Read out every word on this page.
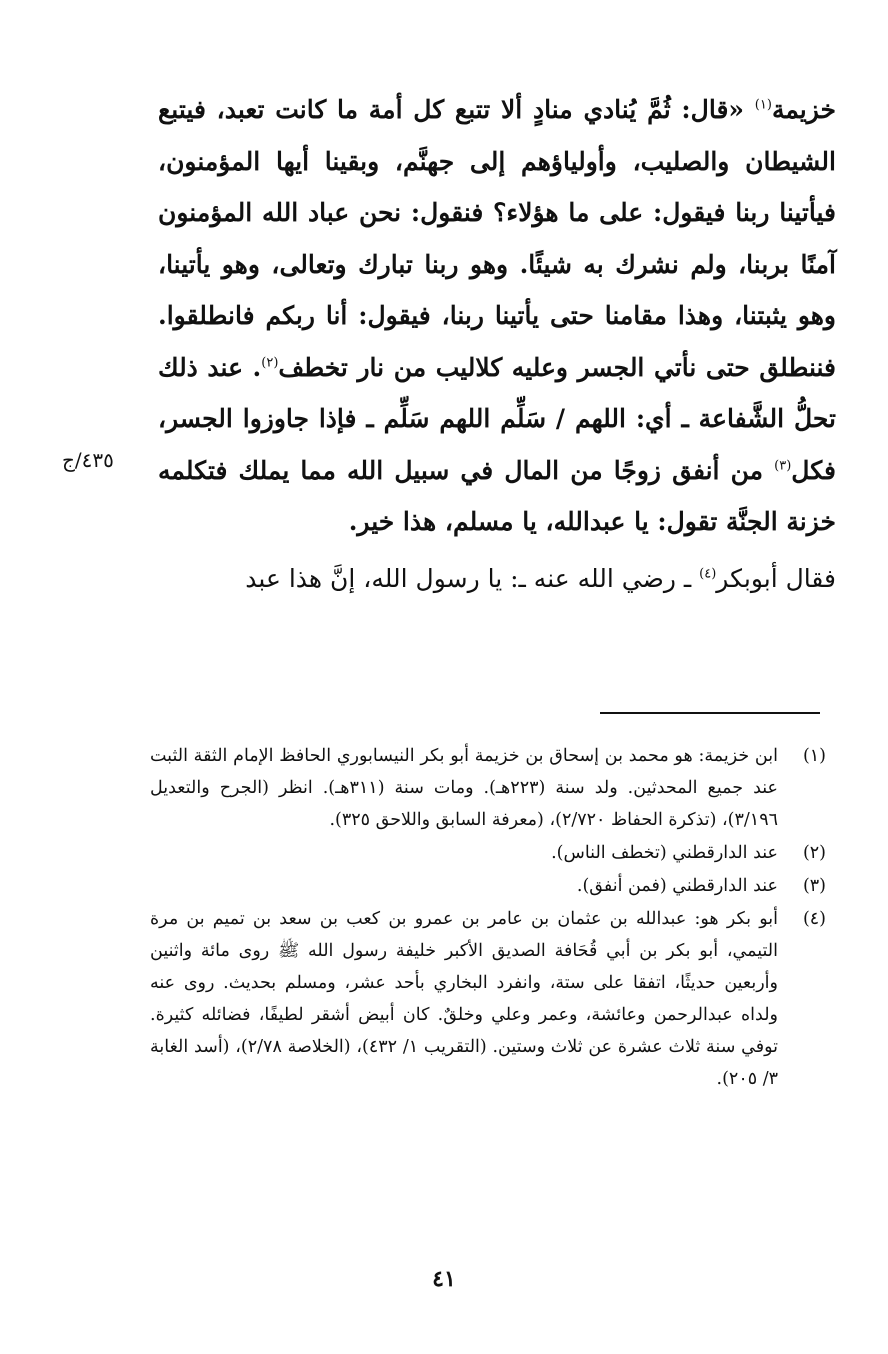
خزيمة$^{(١)}$ «قال: ثُمَّ يُنادي منادٍ ألا تتبع كل أمة ما كانت تعبد، فيتبع الشيطان والصليب، وأولياؤهم إلى جهنَّم، وبقينا أيها المؤمنون، فيأتينا ربنا فيقول: على ما هؤلاء؟ فنقول: نحن عباد الله المؤمنون آمنًا بربنا، ولم نشرك به شيئًا. وهو ربنا تبارك وتعالى، وهو يأتينا، وهو يثبتنا، وهذا مقامنا حتى يأتينا ربنا، فيقول: أنا ربكم فانطلقوا. فننطلق حتى نأتي الجسر وعليه كلاليب من نار تخطف$^{(٢)}$. عند ذلك تحلُّ الشَّفاعة ـ أي: اللهم / سَلِّم اللهم سَلِّم ـ فإذا جاوزوا الجسر، فكل$^{(٣)}$ من أنفق زوجًا من المال في سبيل الله مما يملك فتكلمه خزنة الجنَّة تقول: يا عبدالله، يا مسلم، هذا خير.

فقال أبوبكر$^{(٤)}$ ـ رضي الله عنه ـ: يا رسول الله، إنَّ هذا عبد

٤٣٥/ج
(١)
ابن خزيمة: هو محمد بن إسحاق بن خزيمة أبو بكر النيسابوري الحافظ الإمام الثقة الثبت عند جميع المحدثين. ولد سنة (٢٢٣هـ). ومات سنة (٣١١هـ). انظر (الجرح والتعديل ٣/١٩٦)، (تذكرة الحفاظ ٢/٧٢٠)، (معرفة السابق واللاحق ٣٢٥).
(٢)
عند الدارقطني (تخطف الناس).
(٣)
عند الدارقطني (فمن أنفق).
(٤)
أبو بكر هو: عبدالله بن عثمان بن عامر بن عمرو بن كعب بن سعد بن تميم بن مرة التيمي، أبو بكر بن أبي قُحَافة الصديق الأكبر خليفة رسول الله ﷺ روى مائة واثنين وأربعين حديثًا، اتفقا على ستة، وانفرد البخاري بأحد عشر، ومسلم بحديث. روى عنه ولداه عبدالرحمن وعائشة، وعمر وعلي وخلقٌ. كان أبيض أشقر لطيفًا، فضائله كثيرة. توفي سنة ثلاث عشرة عن ثلاث وستين. (التقريب ١/ ٤٣٢)، (الخلاصة ٢/٧٨)، (أسد الغابة ٣/ ٢٠٥).
٤١
